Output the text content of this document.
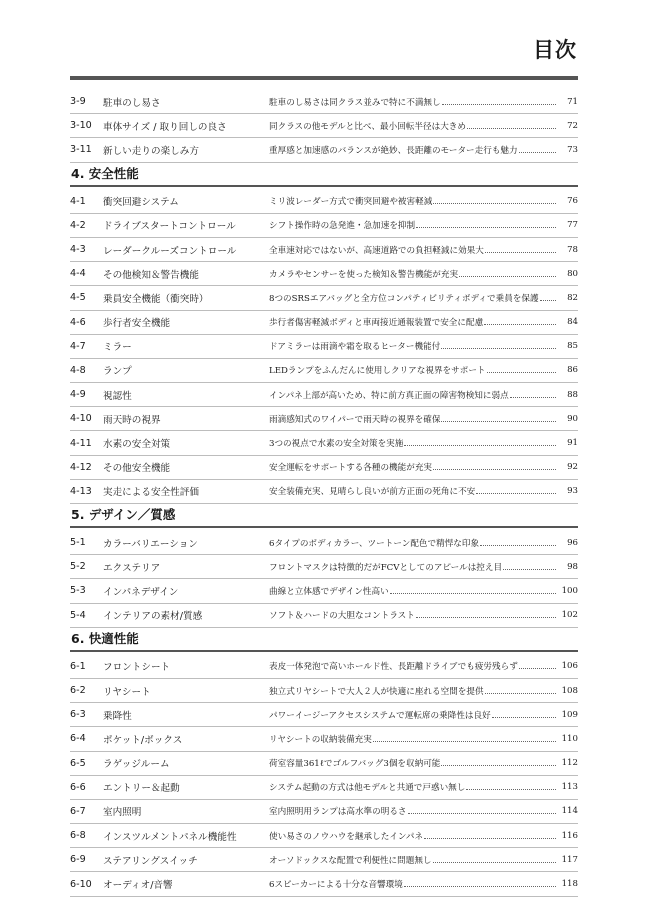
目次
3-9	駐車のし易さ	駐車のし易さは同クラス並みで特に不満無し	71
3-10	車体サイズ / 取り回しの良さ	同クラスの他モデルと比べ、最小回転半径は大きめ	72
3-11	新しい走りの楽しみ方	重厚感と加速感のバランスが絶妙、長距離のモーター走行も魅力	73
4. 安全性能
4-1	衝突回避システム	ミリ波レーダー方式で衝突回避や被害軽減	76
4-2	ドライブスタートコントロール	シフト操作時の急発進・急加速を抑制	77
4-3	レーダークルーズコントロール	全車速対応ではないが、高速道路での負担軽減に効果大	78
4-4	その他検知＆警告機能	カメラやセンサーを使った検知＆警告機能が充実	80
4-5	乗員安全機能（衝突時）	8つのSRSエアバッグと全方位コンパティビリティボディで乗員を保護	82
4-6	歩行者安全機能	歩行者傷害軽減ボディと車両接近通報装置で安全に配慮	84
4-7	ミラー	ドアミラーは雨滴や霜を取るヒーター機能付	85
4-8	ランプ	LEDランプをふんだんに使用しクリアな視界をサポート	86
4-9	視認性	インパネ上部が高いため、特に前方真正面の障害物検知に弱点	88
4-10	雨天時の視界	雨滴感知式のワイパーで雨天時の視界を確保	90
4-11	水素の安全対策	3つの視点で水素の安全対策を実施	91
4-12	その他安全機能	安全運転をサポートする各種の機能が充実	92
4-13	実走による安全性評価	安全装備充実、見晴らし良いが前方正面の死角に不安	93
5. デザイン／質感
5-1	カラーバリエーション	6タイプのボディカラー、ツートーン配色で精悍な印象	96
5-2	エクステリア	フロントマスクは特徴的だがFCVとしてのアピールは控え目	98
5-3	インパネデザイン	曲線と立体感でデザイン性高い	100
5-4	インテリアの素材/質感	ソフト＆ハードの大胆なコントラスト	102
6. 快適性能
6-1	フロントシート	表皮一体発泡で高いホールド性、長距離ドライブでも疲労残らず	106
6-2	リヤシート	独立式リヤシートで大人２人が快適に座れる空間を提供	108
6-3	乗降性	パワーイージーアクセスシステムで運転席の乗降性は良好	109
6-4	ポケット/ボックス	リヤシートの収納装備充実	110
6-5	ラゲッジルーム	荷室容量361ℓでゴルフバッグ3個を収納可能	112
6-6	エントリー＆起動	システム起動の方式は他モデルと共通で戸惑い無し	113
6-7	室内照明	室内照明用ランプは高水準の明るさ	114
6-8	インスツルメントパネル機能性	使い易さのノウハウを継承したインパネ	116
6-9	ステアリングスイッチ	オーソドックスな配置で利便性に問題無し	117
6-10	オーディオ/音響	6スピーカーによる十分な音響環境	118
